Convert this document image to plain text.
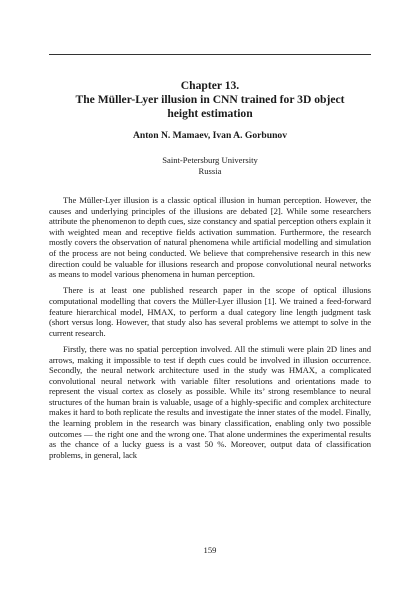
Chapter 13.
The Müller-Lyer illusion in CNN trained for 3D object
height estimation
Anton N. Mamaev, Ivan A. Gorbunov
Saint-Petersburg University
Russia

The Müller-Lyer illusion is a classic optical illusion in human perception. However, the causes and underlying principles of the illusions are debated [2]. While some researchers attribute the phenomenon to depth cues, size constancy and spatial perception others explain it with weighted mean and receptive fields activation summation. Furthermore, the research mostly covers the observation of natural phenomena while artificial modelling and simulation of the process are not being conducted. We believe that comprehensive research in this new direction could be valuable for illusions research and propose convolutional neural networks as means to model various phenomena in human perception.

There is at least one published research paper in the scope of optical illusions computational modelling that covers the Müller-Lyer illusion [1]. We trained a feed-forward feature hierarchical model, HMAX, to perform a dual category line length judgment task (short versus long. However, that study also has several problems we attempt to solve in the current research.

Firstly, there was no spatial perception involved. All the stimuli were plain 2D lines and arrows, making it impossible to test if depth cues could be involved in illusion occurrence. Secondly, the neural network architecture used in the study was HMAX, a complicated convolutional neural network with variable filter resolutions and orientations made to represent the visual cortex as closely as possible. While its’ strong resemblance to neural structures of the human brain is valuable, usage of a highly-specific and complex architecture makes it hard to both replicate the results and investigate the inner states of the model. Finally, the learning problem in the research was binary classification, enabling only two possible outcomes — the right one and the wrong one. That alone undermines the experimental results as the chance of a lucky guess is a vast 50 %. Moreover, output data of classification problems, in general, lack

159
